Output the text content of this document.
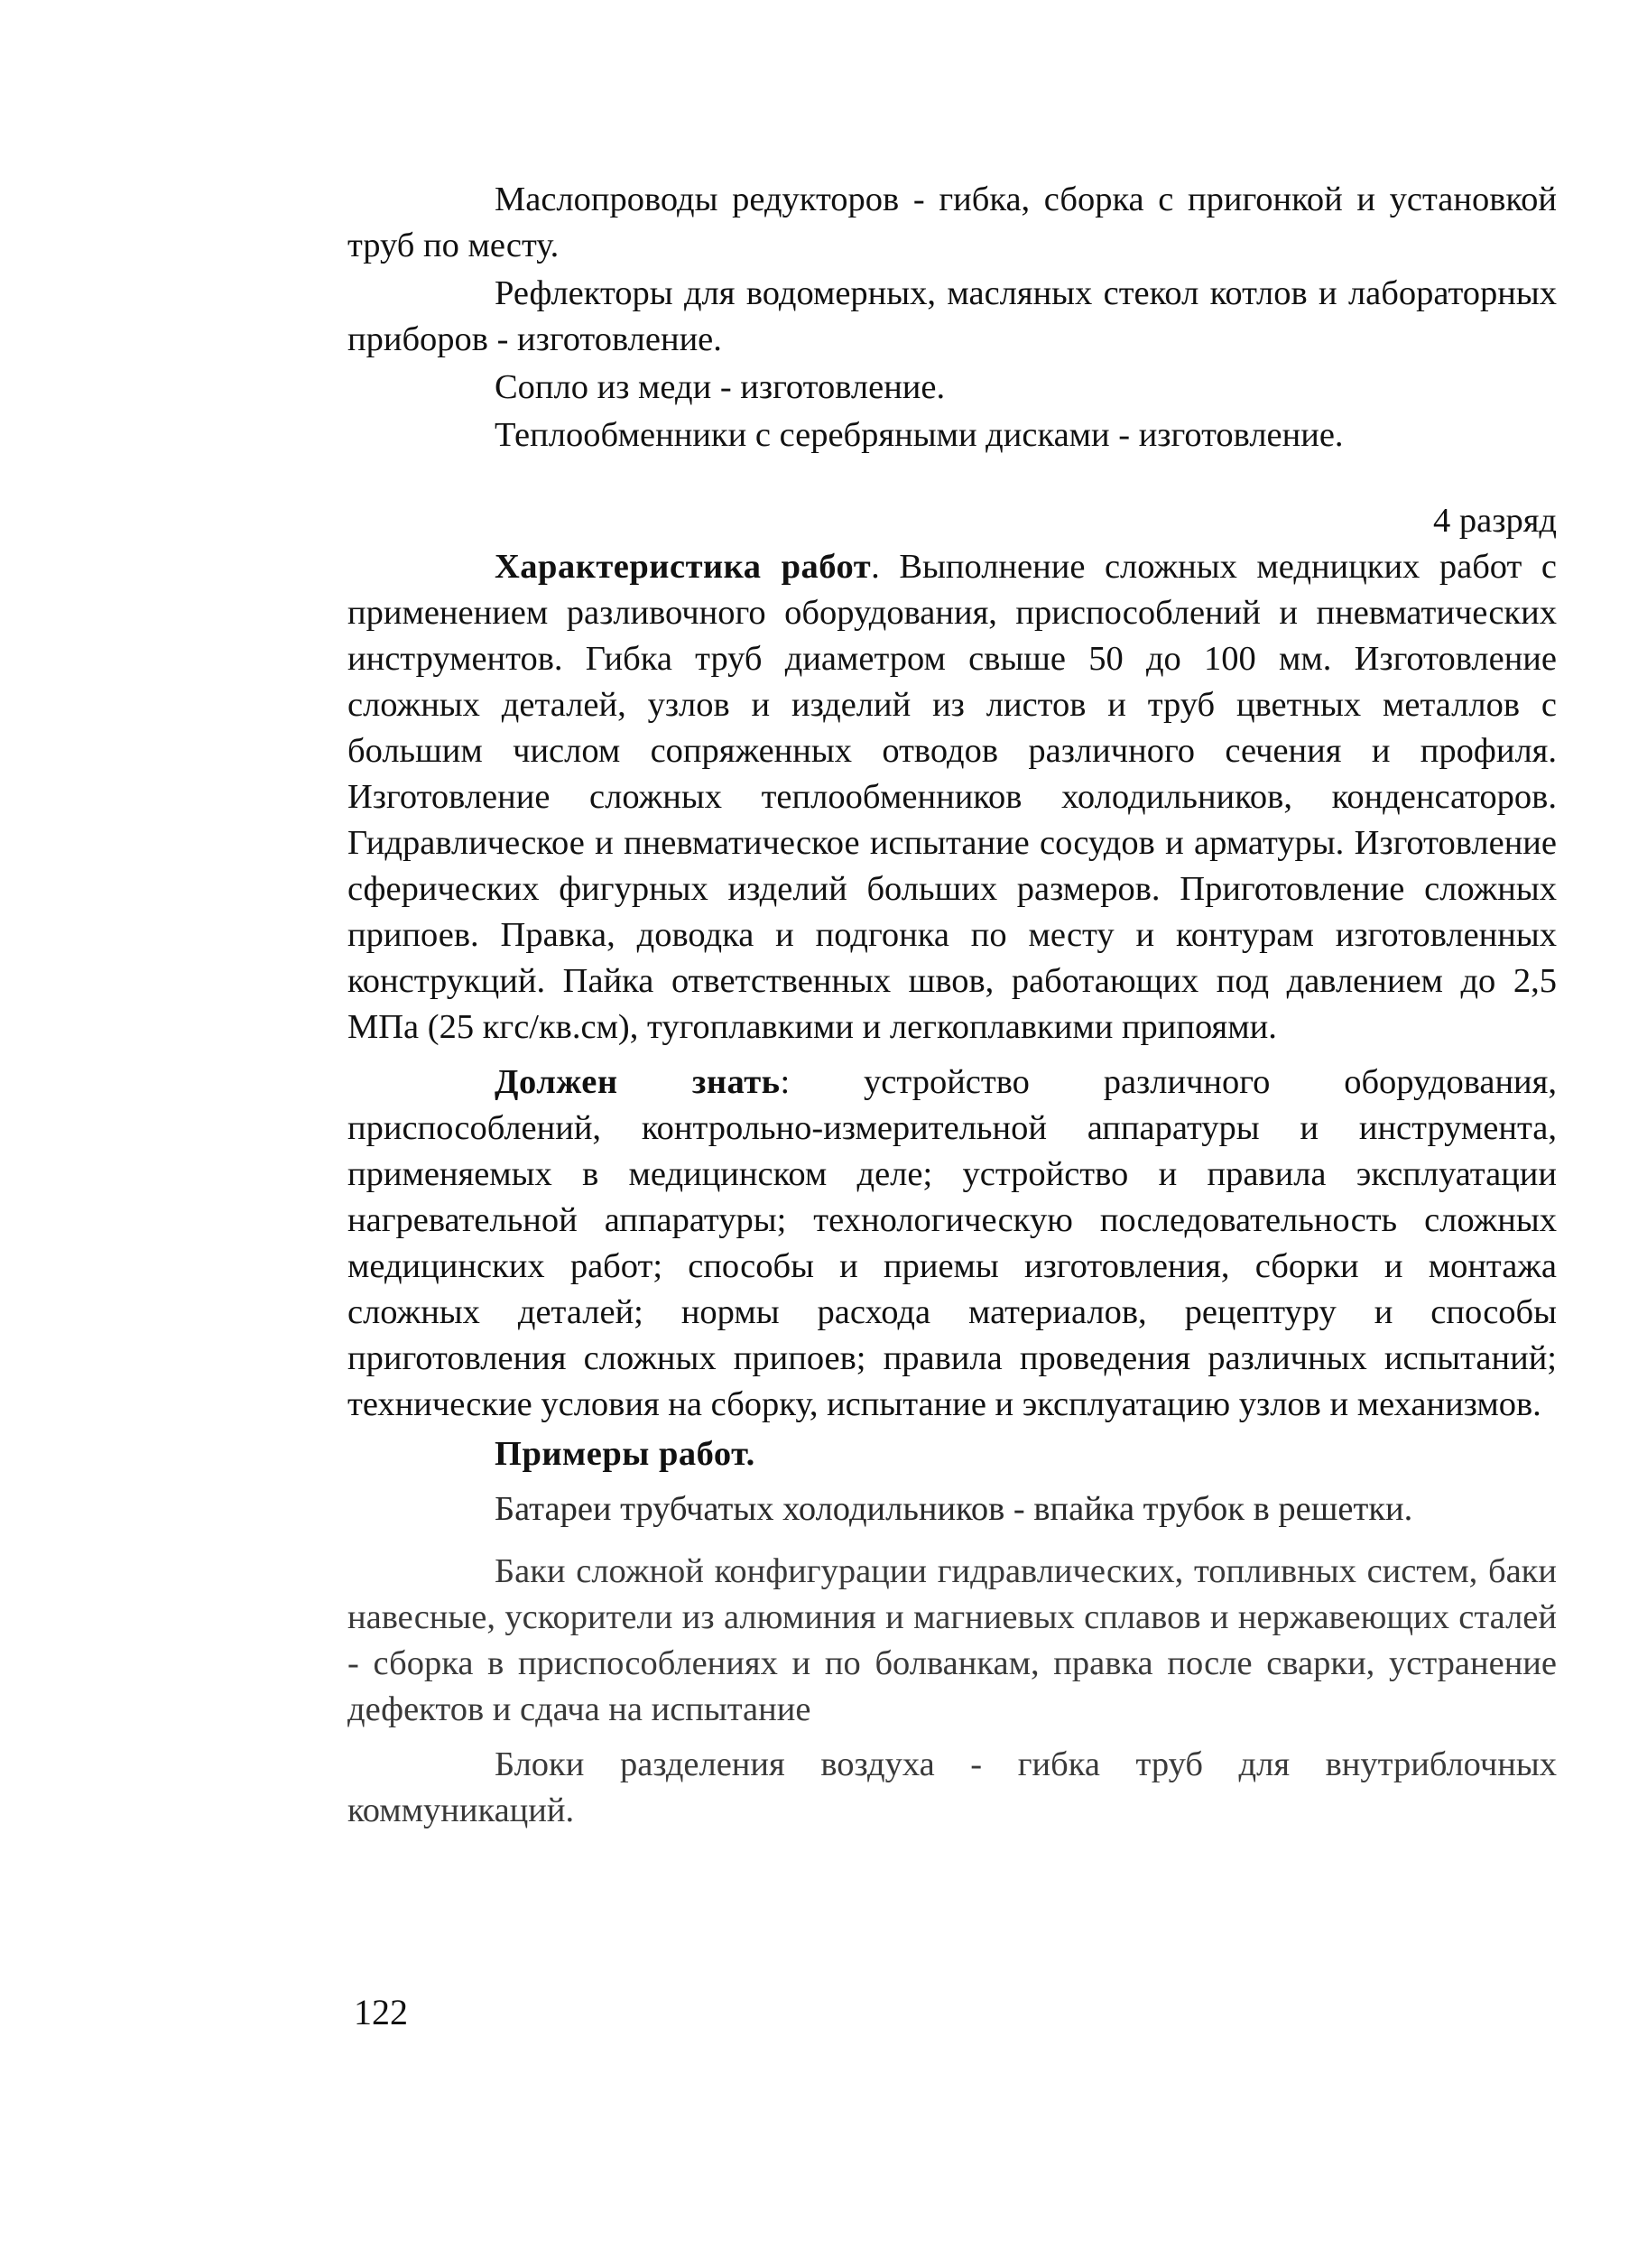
Маслопроводы редукторов - гибка, сборка с пригонкой и установкой труб по месту.

Рефлекторы для водомерных, масляных стекол котлов и лабораторных приборов - изготовление.

Сопло из меди - изготовление.

Теплообменники с серебряными дисками - изготовление.

4 разряд

Характеристика работ. Выполнение сложных медницких работ с применением разливочного оборудования, приспособлений и пневматических инструментов. Гибка труб диаметром свыше 50 до 100 мм. Изготовление сложных деталей, узлов и изделий из листов и труб цветных металлов с большим числом сопряженных отводов различного сечения и профиля. Изготовление сложных теплообменников холодильников, конденсаторов. Гидравлическое и пневматическое испытание сосудов и арматуры. Изготовление сферических фигурных изделий больших размеров. Приготовление сложных припоев. Правка, доводка и подгонка по месту и контурам изготовленных конструкций. Пайка ответственных швов, работающих под давлением до 2,5 МПа (25 кгс/кв.см), тугоплавкими и легкоплавкими припоями.

Должен знать: устройство различного оборудования, приспособлений, контрольно-измерительной аппаратуры и инструмента, применяемых в медицинском деле; устройство и правила эксплуатации нагревательной аппаратуры; технологическую последовательность сложных медицинских работ; способы и приемы изготовления, сборки и монтажа сложных деталей; нормы расхода материалов, рецептуру и способы приготовления сложных припоев; правила проведения различных испытаний; технические условия на сборку, испытание и эксплуатацию узлов и механизмов.

Примеры работ.

Батареи трубчатых холодильников - впайка трубок в решетки.

Баки сложной конфигурации гидравлических, топливных систем, баки навесные, ускорители из алюминия и магниевых сплавов и нержавеющих сталей - сборка в приспособлениях и по болванкам, правка после сварки, устранение дефектов и сдача на испытание

Блоки разделения воздуха - гибка труб для внутриблочных коммуникаций.

122
